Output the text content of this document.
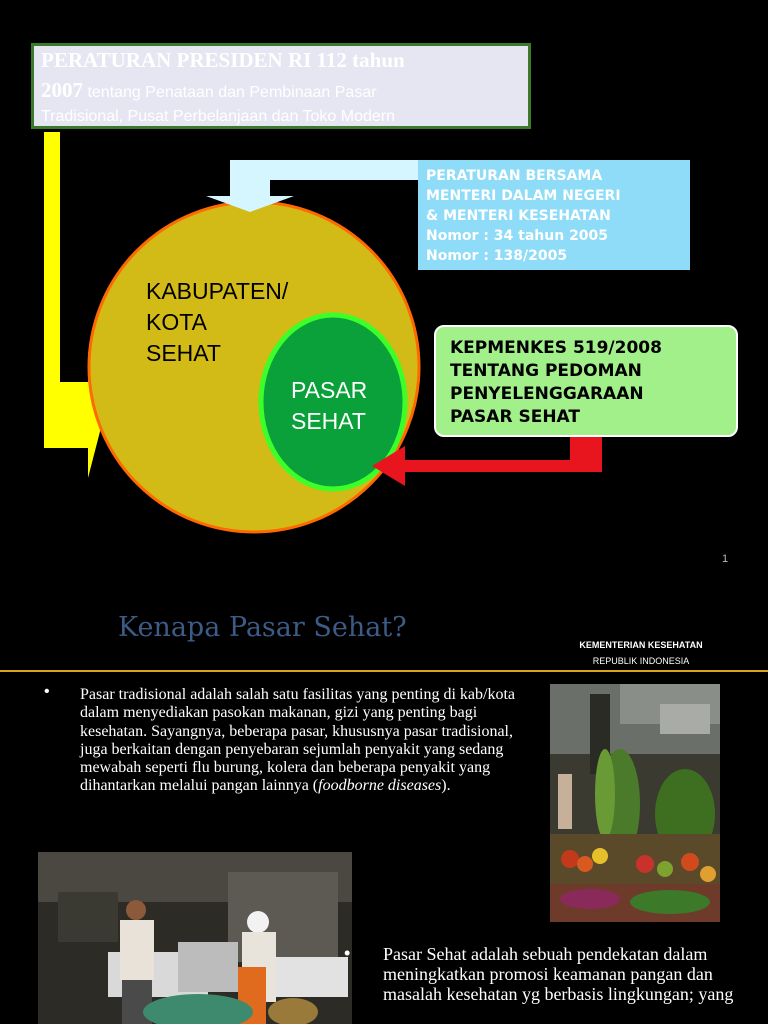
PERATURAN PRESIDEN RI 112 tahun
2007 tentang Penataan dan Pembinaan Pasar
Tradisional, Pusat Perbelanjaan dan Toko Modern
PERATURAN BERSAMA
MENTERI DALAM NEGERI
& MENTERI KESEHATAN
Nomor : 34 tahun 2005
Nomor : 138/2005
KEPMENKES 519/2008
TENTANG PEDOMAN
PENYELENGGARAAN
PASAR SEHAT
KABUPATEN/
KOTA
SEHAT
PASAR
SEHAT
1
Kenapa Pasar Sehat?
KEMENTERIAN KESEHATAN
REPUBLIK INDONESIA
• Pasar tradisional adalah salah satu fasilitas yang penting di kab/kota dalam menyediakan pasokan makanan, gizi yang penting bagi kesehatan. Sayangnya, beberapa pasar, khususnya pasar tradisional, juga berkaitan dengan penyebaran sejumlah penyakit yang sedang mewabah seperti flu burung, kolera dan beberapa penyakit yang dihantarkan melalui pangan lainnya (foodborne diseases).
• Pasar Sehat adalah sebuah pendekatan dalam meningkatkan promosi keamanan pangan dan masalah kesehatan yg berbasis lingkungan; yang
